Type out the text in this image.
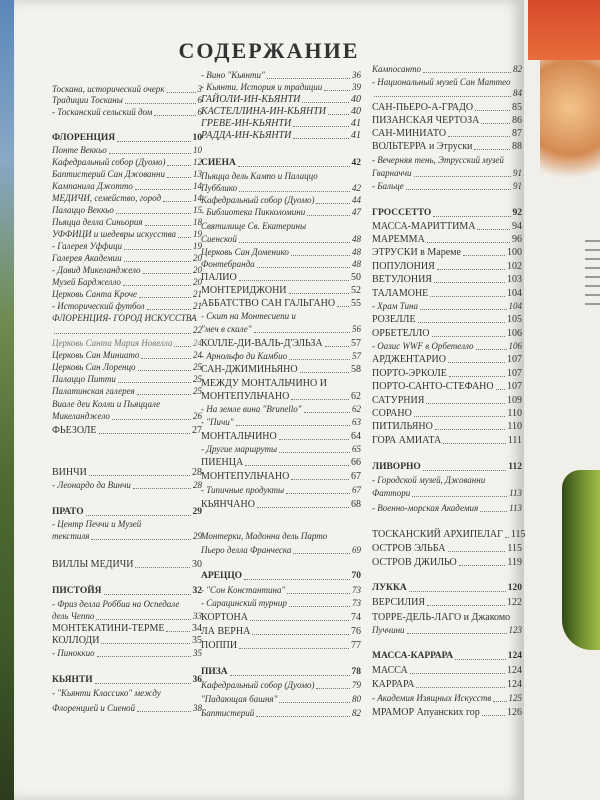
СОДЕРЖАНИЕ
Тоскана, исторический очерк	3
Традиции Тосканы	6
- Тосканский сельский дом	6
ФЛОРЕНЦИЯ	10
Понте Веккьо	10
Кафедральный собор (Дуомо)	12
Баптистерий Сан Джованни	13
Кампанила Джотто	14
МЕДИЧИ, семейство, город	14
Палаццо Веккьо	15
Пьяцца делла Синьория	18
УФФИЦИ и шедевры искусства 19
- Галерея Уффици	19
Галерея Академии	20
- Давид Микеланджело	20
Музей Барджелло	20
Церковь Санта Кроче	21
- Исторический футбол	21
ФЛОРЕНЦИЯ- ГОРОД ИСКУССТВА
22
Церковь Санта Мария Новелла 24
Церковь Сан Миниато	24
Церковь Сан Лоренцо	25
Палаццо Питти	25
Палатинская галерея	25
Виале деи Колли и Пьяццале
Микеланджело	26
ФЬЕЗОЛЕ	27
ВИНЧИ	28
- Леонардо да Винчи	28
ПРАТО	29
- Центр Печчи и Музей
текстиля	29
ВИЛЛЫ МЕДИЧИ	30
ПИСТОЙЯ	32
- Фриз делла Роббиа на Оспедале
дель Чеппо	33
МОНТЕКАТИНИ-ТЕРМЕ	34
КОЛЛОДИ	35
- Пиноккио	35
КЬЯНТИ	36
- "Кьянти Классико" между
Флоренцией и Сиеной	38
- Вино "Кьянти"	36
- Кьянти. История и традиции	39
ГАЙОЛИ-ИН-КЬЯНТИ	40
КАСТЕЛЛИНА-ИН-КЬЯНТИ 40
ГРЕВЕ-ИН-КЬЯНТИ	41
РАДДА-ИН-КЬЯНТИ	41
СИЕНА	42
Пьяцца дель Кампо и Палаццо
Пубблико	42
Кафедральный собор (Дуомо)	44
- Библиотека Пикколомини	47
Святилище Св. Екатерины
Сиенской	48
Церковь Сан Доменико	48
Фонтебранда	48
ПАЛИО	50
МОНТЕРИДЖОНИ	52
АББАТСТВО САН ГАЛЬГАНО 55
- Скит на Монтесиепи и
"меч в скале"	56
КОЛЛЕ-ДИ-ВАЛЬ-Д'ЭЛЬЗА	57
- Арнольфо ди Камбио	57
САН-ДЖИМИНЬЯНО	58
МЕЖДУ МОНТАЛЬЧИНО И
МОНТЕПУЛЬЧАНО	62
- На земле вина "Brunello"	62
- "Пичи"	63
МОНТАЛЬЧИНО	64
- Другие маршруты	65
ПИЕНЦА	66
МОНТЕПУЛЬЧАНО	67
- Типичные продукты	67
КЬЯНЧАНО	68
Монтерки, Мадонна дель Парто
Пьеро делла Франческа	69
АРЕЦЦО	70
- "Сон Константина"	73
- Сарацинский турнир	73
КОРТОНА	74
ЛА ВЕРНА	76
ПОППИ	77
ПИЗА	78
Кафедральный собор (Дуомо)	79
"Падающая башня"	80
Баптистерий	82
Кампосанто	82
- Национальный музей Сан Маттео
84
САН-ПЬЕРО-А-ГРАДО	85
ПИЗАНСКАЯ ЧЕРТОЗА	86
САН-МИНИАТО	87
ВОЛЬТЕРРА и Этруски	88
- Вечерняя тень, Этрусский музей
Гварначчи	91
- Бальце	91
ГРОССЕТТО	92
МАССА-МАРИТТИМА	94
МАРЕММА	96
ЭТРУСКИ в Мареме	100
ПОПУЛОНИЯ	102
ВЕТУЛОНИЯ	103
ТАЛАМОНЕ	104
- Храм Тина	104
РОЗЕЛЛЕ	105
ОРБЕТЕЛЛО	106
- Оазис WWF в Орбетелло	106
АРДЖЕНТАРИО	107
ПОРТО-ЭРКОЛЕ	107
ПОРТО-САНТО-СТЕФАНО 107
САТУРНИЯ	109
СОРАНО	110
ПИТИЛЬЯНО	110
ГОРА АМИАТА	111
ЛИВОРНО	112
- Городской музей, Джованни
Фаттори	113
- Военно-морская Академия	113
ТОСКАНСКИЙ АРХИПЕЛАГ 115
ОСТРОВ ЭЛЬБА	115
ОСТРОВ ДЖИЛЬО	119
ЛУККА	120
ВЕРСИЛИЯ	122
ТОРРЕ-ДЕЛЬ-ЛАГО и Джакомо
Пуччини	123
МАССА-КАРРАРА	124
МАССА	124
КАРРАРА	124
- Академия Изящных Искусств 125
МРАМОР Апуанских гор	126
